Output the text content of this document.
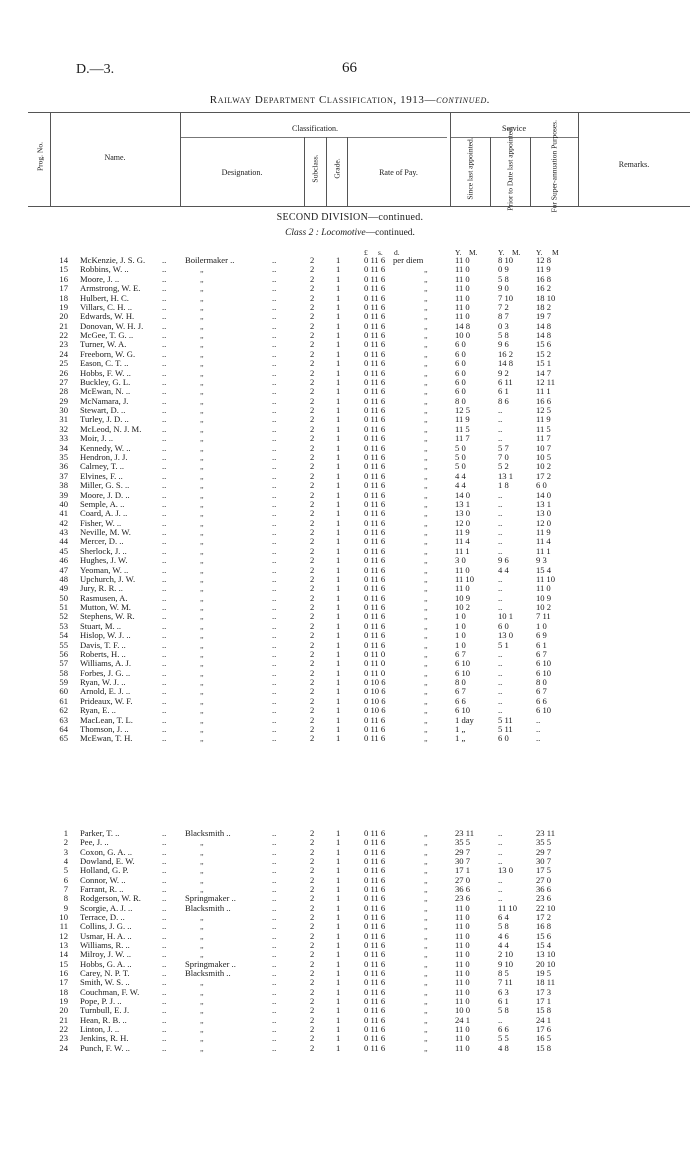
D.—3.	66
Railway Department Classification, 1913—continued.
Prog. No.	Name.
Classification.
Designation.	Subclass. Grade.	Rate of Pay.
Service
Since last appointed.	Prior to Date last appointed.	For Super-annuation Purposes.	Remarks.
SECOND DIVISION—continued.
Class 2 : Locomotive—continued.
£ s. d.	Y. M.	Y. M. Y. M
14 McKenzie, J. S. G.	Boilermaker ..	2	1	0 11 6 per diem	11 0	8 10	12 8
..	..
15 Robbins, W. ..	„	2	1	0 11 6	„	11 0	0 9	11 9
..	..
16 Moore, J. ..	„	2	1	0 11 6	„	11 0	5 8	16 8
..	..
17 Armstrong, W. E.	„	2	1	0 11 6	„	11 0	9 0	16 2
..	..
18 Hulbert, H. C.	„	2	1	0 11 6	„	11 0	7 10	18 10
..	..
19 Villars, C. H. ..	„	2	1	0 11 6	„	11 0	7 2	18 2
..	..
20 Edwards, W. H.	„	2	1	0 11 6	„	11 0	8 7	19 7
..	..
21 Donovan, W. H. J.	„	2	1	0 11 6	„	14 8	0 3	14 8
..	..
22 McGee, T. G. ..	„	2	1	0 11 6	„	10 0	5 8	14 8
..	..
23 Turner, W. A.	„	2	1	0 11 6	„	6 0	9 6	15 6
..	..
24 Freeborn, W. G.	„	2	1	0 11 6	„	6 0	16 2	15 2
..	..
25 Eason, C. T. ..	„	2	1	0 11 6	„	6 0	14 8	15 1
..	..
26 Hobbs, F. W. ..	„	2	1	0 11 6	„	6 0	9 2	14 7
..	..
27 Buckley, G. L.	„	2	1	0 11 6	„	6 0	6 11	12 11
..	..
28 McEwan, N. ..	„	2	1	0 11 6	„	6 0	6 1	11 1
..	..
29 McNamara, J.	„	2	1	0 11 6	„	8 0	8 6	16 6
..	..
30 Stewart, D. ..	„	2	1	0 11 6	„	12 5	..	12 5
..	..
31 Turley, J. D. ..	„	2	1	0 11 6	„	11 9	..	11 9
..	..
32 McLeod, N. J. M.	„	2	1	0 11 6	„	11 5	..	11 5
..	..
33 Moir, J. ..	„	2	1	0 11 6	„	11 7	..	11 7
..	..
34 Kennedy, W. ..	„	2	1	0 11 6	„	5 0	5 7	10 7
..	..
35 Hendron, J. J.	„	2	1	0 11 6	„	5 0	7 0	10 5
..	..
36 Calrney, T. ..	„	2	1	0 11 6	„	5 0	5 2	10 2
..	..
37 Elvines, F. ..	„	2	1	0 11 6	„	4 4	13 1	17 2
..	..
38 Miller, G. S. ..	„	2	1	0 11 6	„	4 4	1 8	6 0
..	..
39 Moore, J. D. ..	„	2	1	0 11 6	„	14 0	..	14 0
..	..
40 Semple, A. ..	„	2	1	0 11 6	„	13 1	..	13 1
..	..
41 Coard, A. J. ..	„	2	1	0 11 6	„	13 0	..	13 0
..	..
42 Fisher, W. ..	„	2	1	0 11 6	„	12 0	..	12 0
..	..
43 Neville, M. W.	„	2	1	0 11 6	„	11 9	..	11 9
..	..
44 Mercer, D. ..	„	2	1	0 11 6	„	11 4	..	11 4
..	..
45 Sherlock, J. ..	„	2	1	0 11 6	„	11 1	..	11 1
..	..
46 Hughes, J. W.	„	2	1	0 11 6	„	3 0	9 6	9 3
..	..
47 Yeoman, W. ..	„	2	1	0 11 6	„	11 0	4 4	15 4
..	..
48 Upchurch, J. W.	„	2	1	0 11 6	„	11 10	..	11 10
..	..
49 Jury, R. R. ..	„	2	1	0 11 6	„	11 0	..	11 0
..	..
50 Rasmusen, A.	„	2	1	0 11 6	„	10 9	..	10 9
..	..
51 Mutton, W. M.	„	2	1	0 11 6	„	10 2	..	10 2
..	..
52 Stephens, W. R.	„	2	1	0 11 6	„	1 0	10 1	7 11
..	..
53 Stuart, M. ..	„	2	1	0 11 6	„	1 0	6 0	1 0
..	..
54 Hislop, W. J. ..	„	2	1	0 11 6	„	1 0	13 0	6 9
..	..
55 Davis, T. F. ..	„	2	1	0 11 6	„	1 0	5 1	6 1
..	..
56 Roberts, H. ..	„	2	1	0 11 0	„	6 7	..	6 7
..	..
57 Williams, A. J.	„	2	1	0 11 0	„	6 10	..	6 10
..	..
58 Forbes, J. G. ..	„	2	1	0 11 0	„	6 10	..	6 10
..	..
59 Ryan, W. J. ..	„	2	1	0 10 6	„	8 0	..	8 0
..	..
60 Arnold, E. J. ..	„	2	1	0 10 6	„	6 7	..	6 7
..	..
61 Prideaux, W. F.	„	2	1	0 10 6	„	6 6	..	6 6
..	..
62 Ryan, E. ..	„	2	1	0 10 6	„	6 10	..	6 10
..	..
63 MacLean, T. L.	„	2	1	0 11 6	„	1 day	5 11	..
..	..
64 Thomson, J. ..	„	2	1	0 11 6	„	1 „	5 11	..
..	..
65 McEwan, T. H.	„	2	1	0 11 6	„	1 „	6 0	..
..	..
1 Parker, T. ..	Blacksmith ..	2	1	0 11 6	„	23 11	..	23 11
..	..
2 Pee, J. ..	„	2	1	0 11 6	„	35 5	..	35 5
..	..
3 Coxon, G. A. ..	„	2	1	0 11 6	„	29 7	..	29 7
..	..
4 Dowland, E. W.	„	2	1	0 11 6	„	30 7	..	30 7
..	..
5 Holland, G. P.	„	2	1	0 11 6	„	17 1	13 0	17 5
..	..
6 Connor, W. ..	„	2	1	0 11 6	„	27 0	..	27 0
..	..
7 Farrant, R. ..	„	2	1	0 11 6	„	36 6	..	36 6
..	..
8 Rodgerson, W. R.	Springmaker ..	2	1	0 11 6	„	23 6	..	23 6
..	..
9 Scorgie, A. J. ..	Blacksmith ..	2	1	0 11 6	„	11 0	11 10 22 10
..	..
10 Terrace, D. ..	„	2	1	0 11 6	„	11 0	6 4	17 2
..	..
11 Collins, J. G. ..	„	2	1	0 11 6	„	11 0	5 8	16 8
..	..
12 Usmar, H. A. ..	„	2	1	0 11 6	„	11 0	4 6	15 6
..	..
13 Williams, R. ..	„	2	1	0 11 6	„	11 0	4 4	15 4
..	..
14 Milroy, J. W. ..	„	2	1	0 11 6	„	11 0	2 10	13 10
..	..
15 Hobbs, G. A. ..	Springmaker ..	2	1	0 11 6	„	11 0	9 10	20 10
..	..
16 Carey, N. P. T.	Blacksmith ..	2	1	0 11 6	„	11 0	8 5	19 5
..	..
17 Smith, W. S. ..	„	2	1	0 11 6	„	11 0	7 11	18 11
..	..
18 Couchman, F. W.	„	2	1	0 11 6	„	11 0	6 3	17 3
..	..
19 Pope, P. J. ..	„	2	1	0 11 6	„	11 0	6 1	17 1
..	..
20 Turnbull, E. J.	„	2	1	0 11 6	„	10 0	5 8	15 8
..	..
21 Hean, R. B. ..	„	2	1	0 11 6	„	24 1	..	24 1
..	..
22 Linton, J. ..	„	2	1	0 11 6	„	11 0	6 6	17 6
..	..
23 Jenkins, R. H.	„	2	1	0 11 6	„	11 0	5 5	16 5
..	..
24 Punch, F. W. ..	„	2	1	0 11 6	„	11 0	4 8	15 8
..	..
